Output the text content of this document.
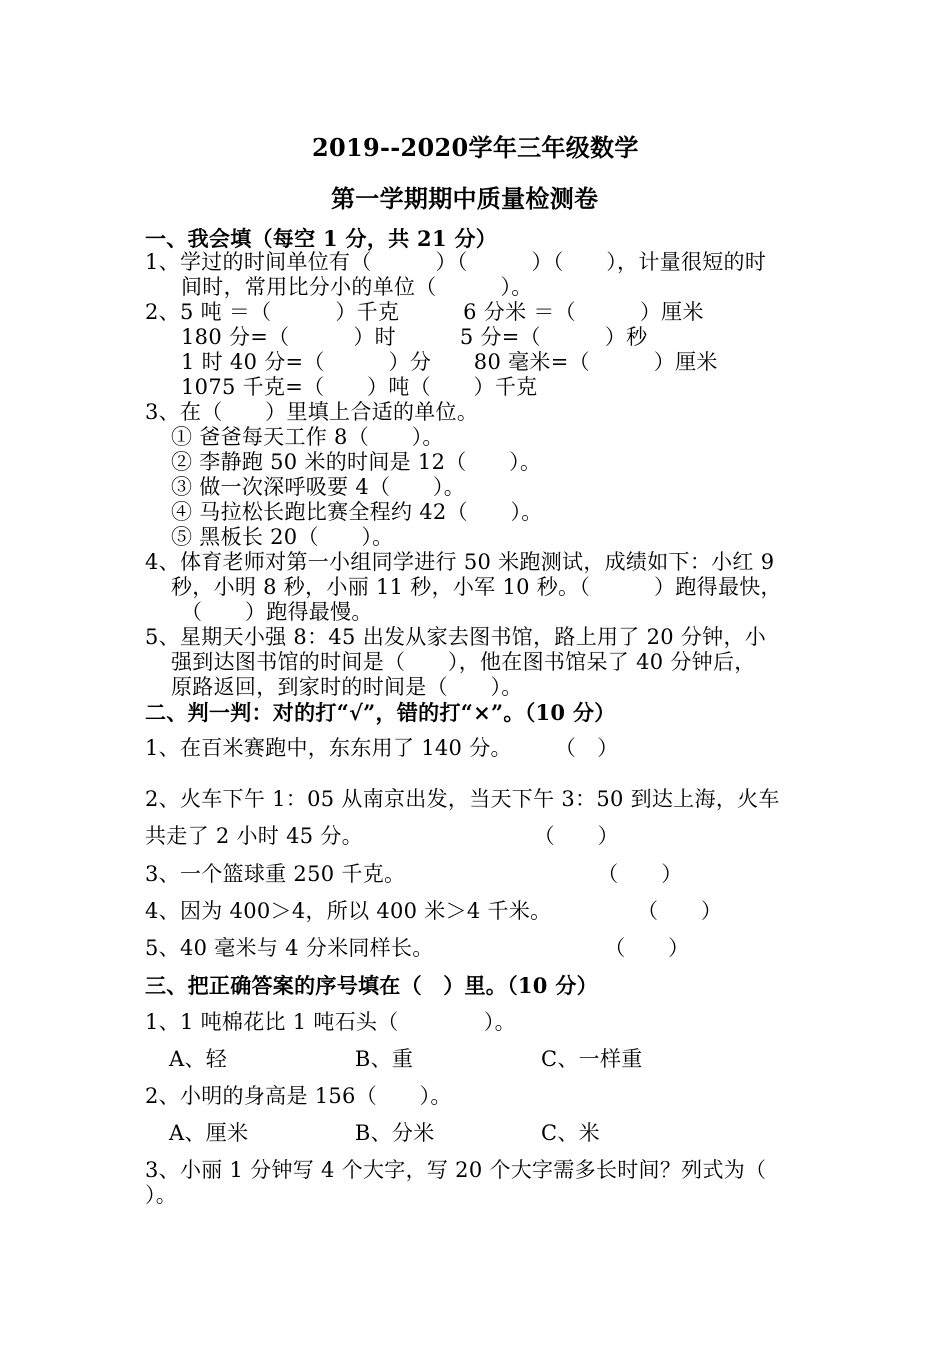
2019--2020学年三年级数学
第一学期期中质量检测卷
一、我会填（每空 1 分，共 21 分）
1、学过的时间单位有（　　　）（　　　）（　　），计量很短的时
间时，常用比分小的单位（　　　）。
2、5 吨 ＝（　　　）千克　　　6 分米 ＝（　　　）厘米
180 分=（　　　）时　　　5 分=（　　　）秒
1 时 40 分=（　　　）分　　80 毫米=（　　　）厘米
1075 千克=（　　）吨（　　）千克
3、在（　　）里填上合适的单位。
① 爸爸每天工作 8（　　）。
② 李静跑 50 米的时间是 12（　　）。
③ 做一次深呼吸要 4（　　）。
④ 马拉松长跑比赛全程约 42（　　）。
⑤ 黑板长 20（　　）。
4、体育老师对第一小组同学进行 50 米跑测试，成绩如下：小红 9
秒，小明 8 秒，小丽 11 秒，小军 10 秒。（　　　）跑得最快，
（　　）跑得最慢。
5、星期天小强 8：45 出发从家去图书馆，路上用了 20 分钟，小
强到达图书馆的时间是（　　），他在图书馆呆了 40 分钟后，
原路返回，到家时的时间是（　　）。
二、判一判：对的打“√”，错的打“×”。（10 分）
1、在百米赛跑中，东东用了 140 分。　　　（　）
2、火车下午 1：05 从南京出发，当天下午 3：50 到达上海，火车
共走了 2 小时 45 分。　　　　　　　　　（　　）
3、一个篮球重 250 千克。　　　　　　　　　　（　　）
4、因为 400＞4，所以 400 米＞4 千米。　　　　　（　　）
5、40 毫米与 4 分米同样长。　　　　　　　　　（　　）
三、把正确答案的序号填在（　）里。（10 分）
1、1 吨棉花比 1 吨石头（　　　　）。
A、轻　　　　　　B、重　　　　　　C、一样重
2、小明的身高是 156（　　）。
A、厘米　　　　　B、分米　　　　　C、米
3、小丽 1 分钟写 4 个大字，写 20 个大字需多长时间？列式为（
）。
